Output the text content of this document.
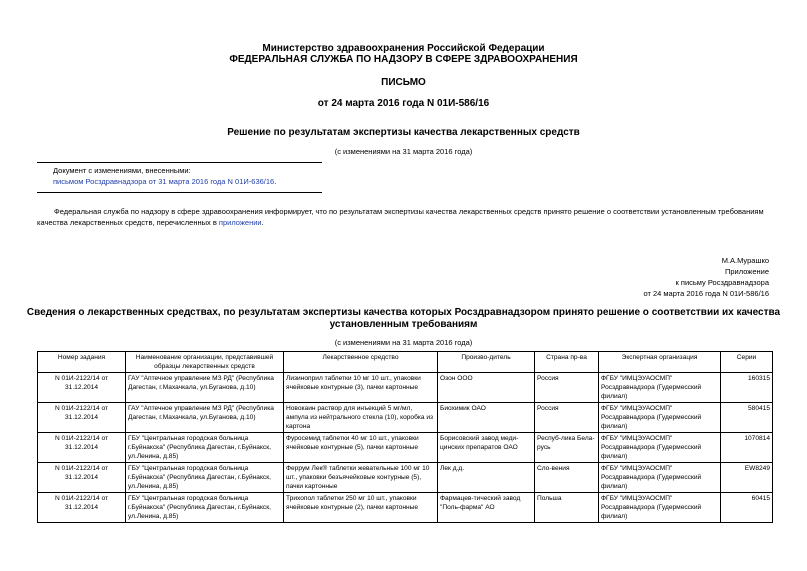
Министерство здравоохранения Российской Федерации
ФЕДЕРАЛЬНАЯ СЛУЖБА ПО НАДЗОРУ В СФЕРЕ ЗДРАВООХРАНЕНИЯ
ПИСЬМО
от 24 марта 2016 года N 01И-586/16
Решение по результатам экспертизы качества лекарственных средств
(с изменениями на 31 марта 2016 года)
Документ с изменениями, внесенными:
письмом Росздравнадзора от 31 марта 2016 года N 01И-636/16.
Федеральная служба по надзору в сфере здравоохранения информирует, что по результатам экспертизы качества лекарственных средств принято решение о соответствии установленным требованиям качества лекарственных средств, перечисленных в приложении.
М.А.Мурашко
Приложение
к письму Росздравнадзора
от 24 марта 2016 года N 01И-586/16
Сведения о лекарственных средствах, по результатам экспертизы качества которых Росздравнадзором принято решение о соответствии их качества
установленным требованиям
(с изменениями на 31 марта 2016 года)
Номер задания	Наименование организации, представившей образцы лекарственных средств	Лекарственное средство	Произво-дитель	Страна пр-ва	Экспертная организация	Серии
N 01И-2122/14 от 31.12.2014	ГАУ "Аптечное управление МЗ РД" (Республика Дагестан, г.Махачкала, ул.Буганова, д.10)	Лизиноприл таблетки 10 мг 10 шт., упаковки ячейковые контурные (3), пачки картонные	Озон ООО	Россия	ФГБУ "ИМЦЭУАОСМП" Росздравнадзора (Гудермесский филиал)	160315
N 01И-2122/14 от 31.12.2014	ГАУ "Аптечное управление МЗ РД" (Республика Дагестан, г.Махачкала, ул.Буганова, д.10)	Новокаин раствор для инъекций 5 мг/мл, ампула из нейтрального стекла (10), коробка из картона	Биохимик ОАО	Россия	ФГБУ "ИМЦЭУАОСМП" Росздравнадзора (Гудермесский филиал)	580415
N 01И-2122/14 от 31.12.2014	ГБУ "Центральная городская больница г.Буйнакска" (Республика Дагестан, г.Буйнакск, ул.Ленина, д.85)	Фуросемид таблетки 40 мг 10 шт., упаковки ячейковые контурные (5), пачки картонные	Борисовский завод меди-цинских препаратов ОАО	Респуб-лика Бела-русь	ФГБУ "ИМЦЭУАОСМП" Росздравнадзора (Гудермесский филиал)	1070814
N 01И-2122/14 от 31.12.2014	ГБУ "Центральная городская больница г.Буйнакска" (Республика Дагестан, г.Буйнакск, ул.Ленина, д.85)	Феррум Лек® таблетки жевательные 100 мг 10 шт., упаковки безъячейковые контурные (5), пачки картонные	Лек д.д.	Сло-вения	ФГБУ "ИМЦЭУАОСМП" Росздравнадзора (Гудермесский филиал)	EW8249
N 01И-2122/14 от 31.12.2014	ГБУ "Центральная городская больница г.Буйнакска" (Республика Дагестан, г.Буйнакск, ул.Ленина, д.85)	Трихопол таблетки 250 мг 10 шт., упаковки ячейковые контурные (2), пачки картонные	Фармацев-тический завод "Поль-фарма" АО	Польша	ФГБУ "ИМЦЭУАОСМП" Росздравнадзора (Гудермесский филиал)	60415
